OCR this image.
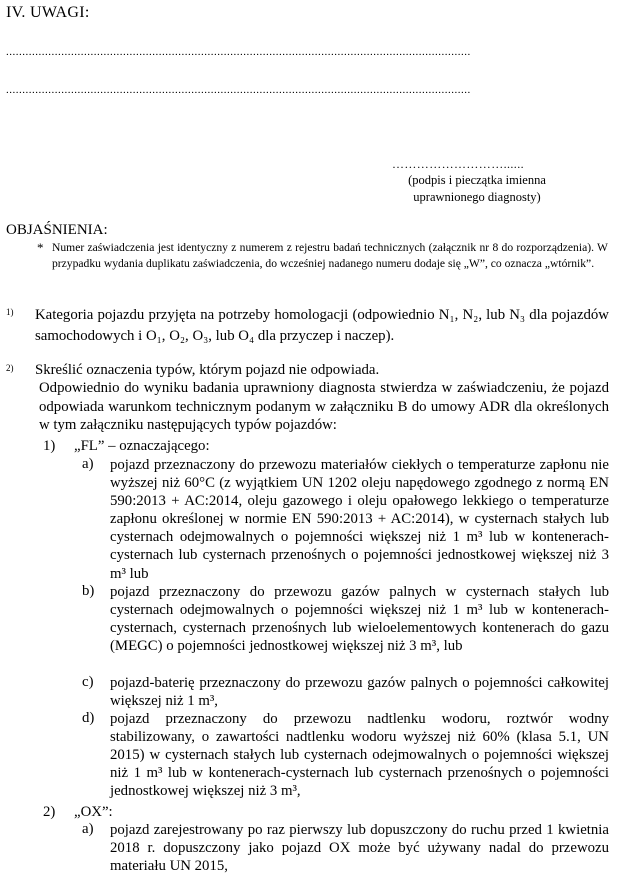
IV. UWAGI:
...............................................................................................................................................
...............................................................................................................................................
………………………......
(podpis i pieczątka imienna
uprawnionego diagnosty)
OBJAŚNIENIA:
* Numer zaświadczenia jest identyczny z numerem z rejestru badań technicznych (załącznik nr 8 do rozporządzenia). W przypadku wydania duplikatu zaświadczenia, do wcześniej nadanego numeru dodaje się „W”, co oznacza „wtórnik”.
1) Kategoria pojazdu przyjęta na potrzeby homologacji (odpowiednio N₁, N₂, lub N₃ dla pojazdów samochodowych i O₁, O₂, O₃, lub O₄ dla przyczep i naczep).
2) Skreślić oznaczenia typów, którym pojazd nie odpowiada.
Odpowiednio do wyniku badania uprawniony diagnosta stwierdza w zaświadczeniu, że pojazd odpowiada warunkom technicznym podanym w załączniku B do umowy ADR dla określonych w tym załączniku następujących typów pojazdów:
1) „FL” – oznaczającego:
a) pojazd przeznaczony do przewozu materiałów ciekłych o temperaturze zapłonu nie wyższej niż 60°C (z wyjątkiem UN 1202 oleju napędowego zgodnego z normą EN 590:2013 + AC:2014, oleju gazowego i oleju opałowego lekkiego o temperaturze zapłonu określonej w normie EN 590:2013 + AC:2014), w cysternach stałych lub cysternach odejmowalnych o pojemności większej niż 1 m³ lub w kontenerach-cysternach lub cysternach przenośnych o pojemności jednostkowej większej niż 3 m³ lub
b) pojazd przeznaczony do przewozu gazów palnych w cysternach stałych lub cysternach odejmowalnych o pojemności większej niż 1 m³ lub w kontenerach-cysternach, cysternach przenośnych lub wieloelementowych kontenerach do gazu (MEGC) o pojemności jednostkowej większej niż 3 m³, lub
c) pojazd-baterię przeznaczony do przewozu gazów palnych o pojemności całkowitej większej niż 1 m³,
d) pojazd przeznaczony do przewozu nadtlenku wodoru, roztwór wodny stabilizowany, o zawartości nadtlenku wodoru wyższej niż 60% (klasa 5.1, UN 2015) w cysternach stałych lub cysternach odejmowalnych o pojemności większej niż 1 m³ lub w kontenerach-cysternach lub cysternach przenośnych o pojemności jednostkowej większej niż 3 m³,
2) „OX”:
a) pojazd zarejestrowany po raz pierwszy lub dopuszczony do ruchu przed 1 kwietnia 2018 r. dopuszczony jako pojazd OX może być używany nadal do przewozu materiału UN 2015,
